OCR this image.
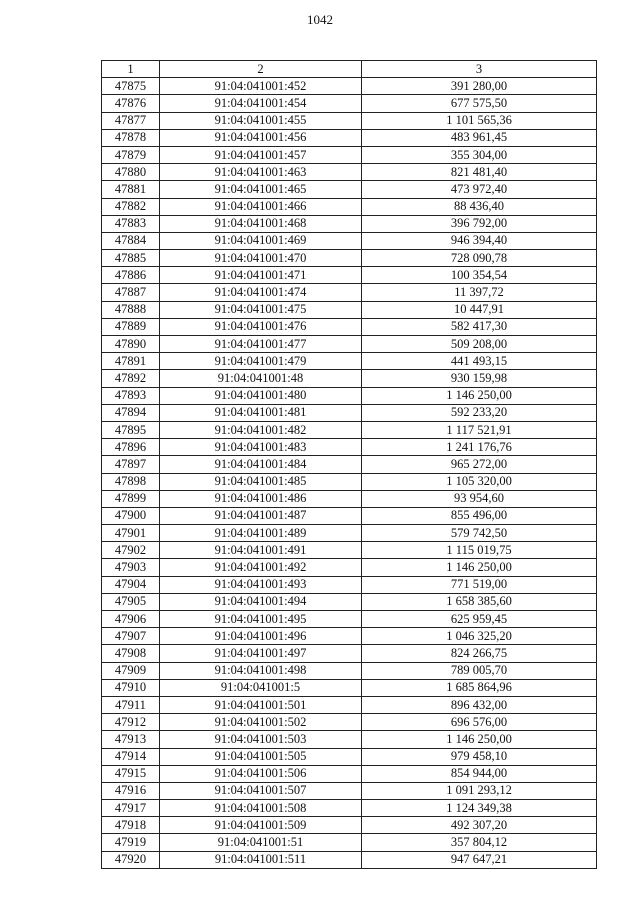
1042
1	2	3
47875	91:04:041001:452	391 280,00
47876	91:04:041001:454	677 575,50
47877	91:04:041001:455	1 101 565,36
47878	91:04:041001:456	483 961,45
47879	91:04:041001:457	355 304,00
47880	91:04:041001:463	821 481,40
47881	91:04:041001:465	473 972,40
47882	91:04:041001:466	88 436,40
47883	91:04:041001:468	396 792,00
47884	91:04:041001:469	946 394,40
47885	91:04:041001:470	728 090,78
47886	91:04:041001:471	100 354,54
47887	91:04:041001:474	11 397,72
47888	91:04:041001:475	10 447,91
47889	91:04:041001:476	582 417,30
47890	91:04:041001:477	509 208,00
47891	91:04:041001:479	441 493,15
47892	91:04:041001:48	930 159,98
47893	91:04:041001:480	1 146 250,00
47894	91:04:041001:481	592 233,20
47895	91:04:041001:482	1 117 521,91
47896	91:04:041001:483	1 241 176,76
47897	91:04:041001:484	965 272,00
47898	91:04:041001:485	1 105 320,00
47899	91:04:041001:486	93 954,60
47900	91:04:041001:487	855 496,00
47901	91:04:041001:489	579 742,50
47902	91:04:041001:491	1 115 019,75
47903	91:04:041001:492	1 146 250,00
47904	91:04:041001:493	771 519,00
47905	91:04:041001:494	1 658 385,60
47906	91:04:041001:495	625 959,45
47907	91:04:041001:496	1 046 325,20
47908	91:04:041001:497	824 266,75
47909	91:04:041001:498	789 005,70
47910	91:04:041001:5	1 685 864,96
47911	91:04:041001:501	896 432,00
47912	91:04:041001:502	696 576,00
47913	91:04:041001:503	1 146 250,00
47914	91:04:041001:505	979 458,10
47915	91:04:041001:506	854 944,00
47916	91:04:041001:507	1 091 293,12
47917	91:04:041001:508	1 124 349,38
47918	91:04:041001:509	492 307,20
47919	91:04:041001:51	357 804,12
47920	91:04:041001:511	947 647,21
